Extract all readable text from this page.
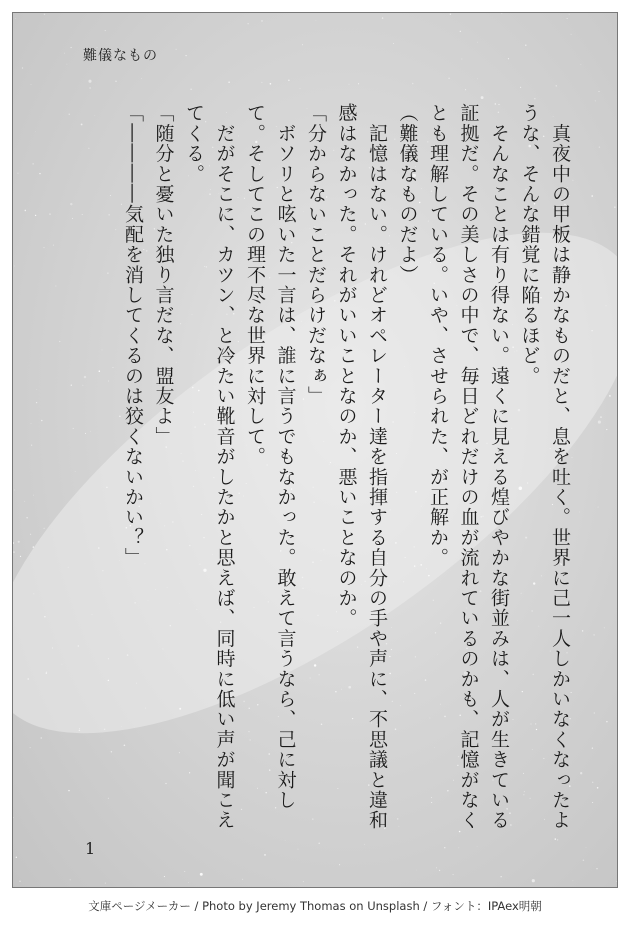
難儀なもの

　真夜中の甲板は静かなものだと、息を吐く。世界に己一人しかいなくなったような、そんな錯覚に陥るほど。

　そんなことは有り得ない。遠くに見える煌びやかな街並みは、人が生きている証拠だ。その美しさの中で、毎日どれだけの血が流れているのかも、記憶がなくとも理解している。いや、させられた、が正解か。

（難儀なものだよ）

　記憶はない。けれどオペレーター達を指揮する自分の手や声に、不思議と違和感はなかった。それがいいことなのか、悪いことなのか。

「分からないことだらけだなぁ」

　ボソリと呟いた一言は、誰に言うでもなかった。敢えて言うなら、己に対して。そしてこの理不尽な世界に対して。

　だがそこに、カツン、と冷たい靴音がしたかと思えば、同時に低い声が聞こえてくる。

「随分と憂いた独り言だな、盟友よ」

「――――気配を消してくるのは狡くないかい？」

1
文庫ページメーカー / Photo by Jeremy Thomas on Unsplash / フォント：IPAex明朝
